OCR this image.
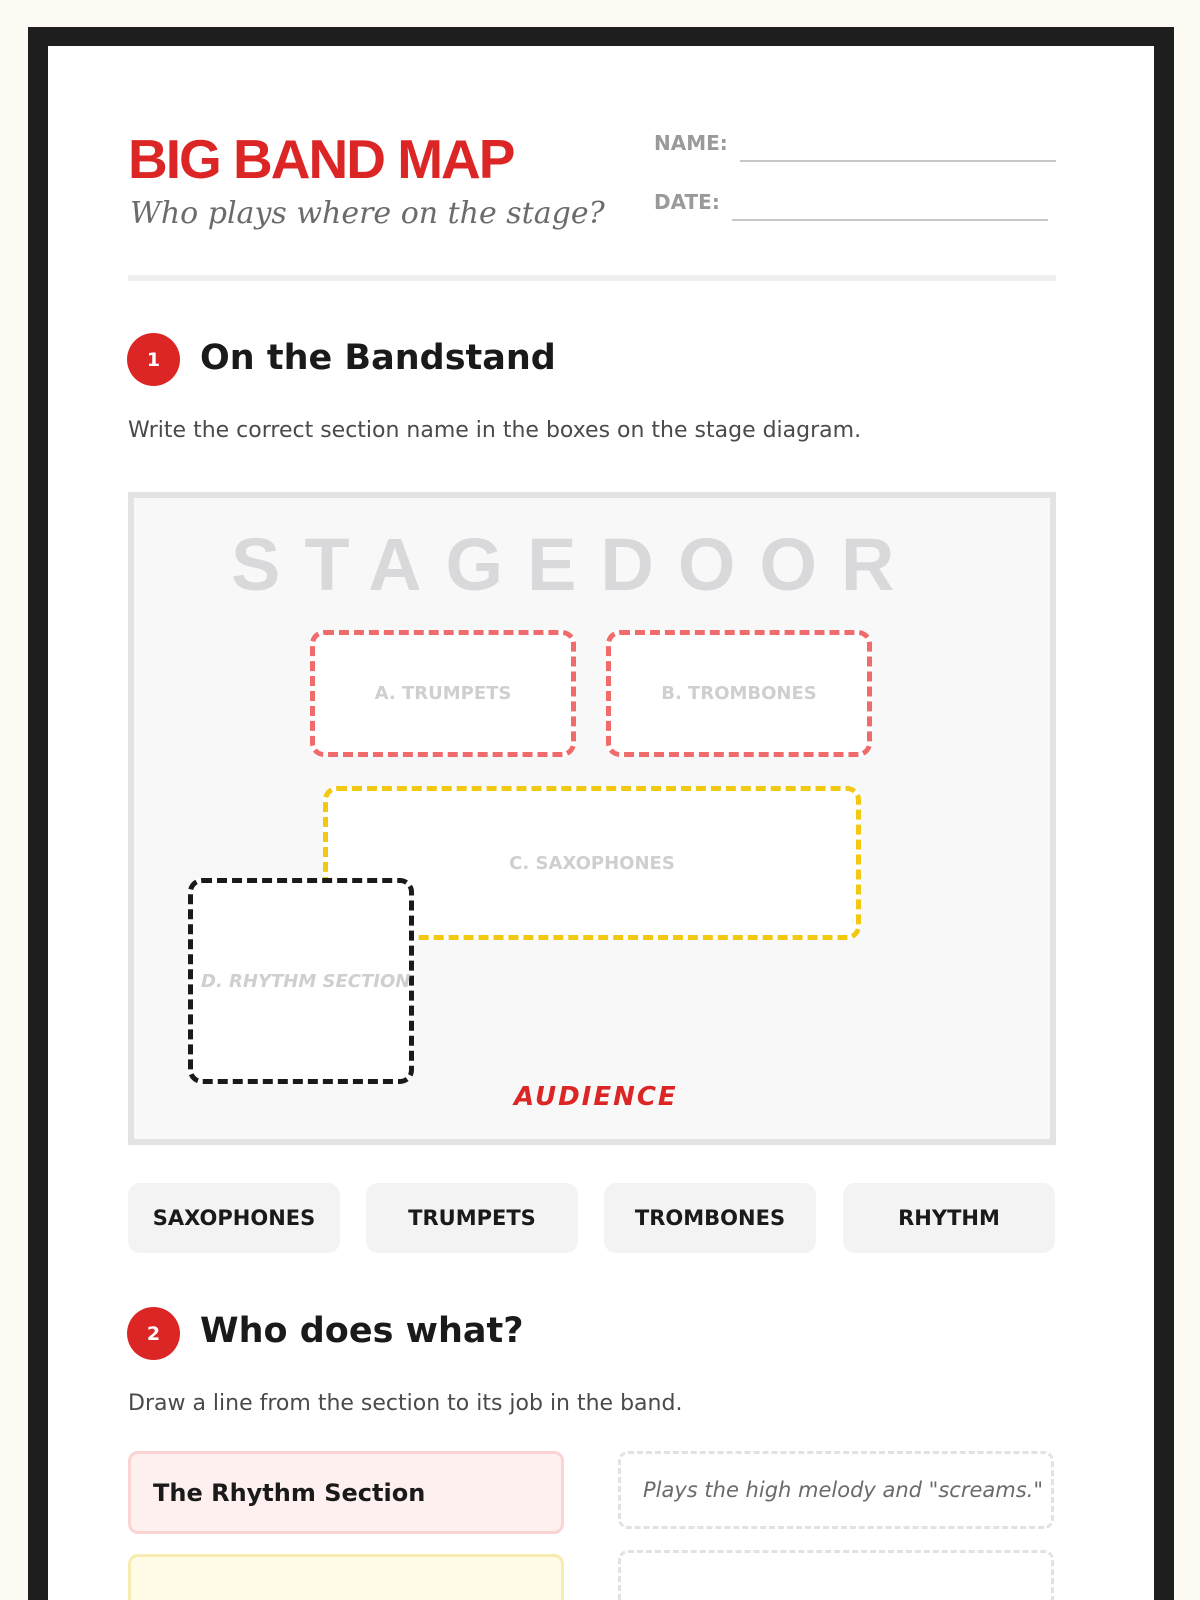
BIG BAND MAP
Who plays where on the stage?
NAME:
DATE:
1	On the Bandstand
Write the correct section name in the boxes on the stage diagram.
STAGEDOOR
A. TRUMPETS	B. TROMBONES
C. SAXOPHONES
D. RHYTHM SECTION
AUDIENCE
SAXOPHONES	TRUMPETS	TROMBONES	RHYTHM
2	Who does what?
Draw a line from the section to its job in the band.
The Rhythm Section	Plays the high melody and "screams."
